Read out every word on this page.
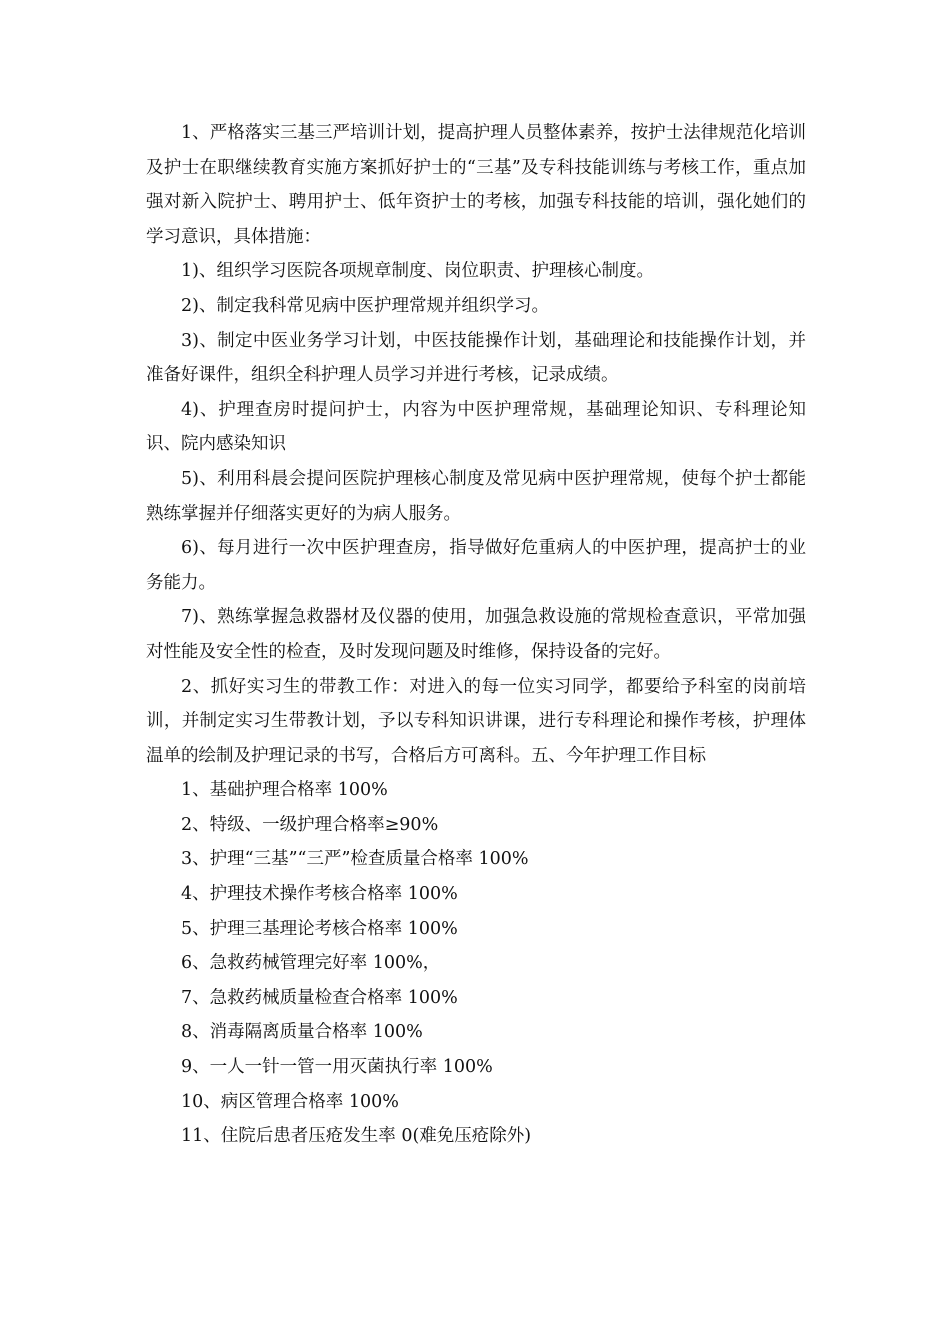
1、严格落实三基三严培训计划，提高护理人员整体素养，按护士法律规范化培训及护士在职继续教育实施方案抓好护士的“三基”及专科技能训练与考核工作，重点加强对新入院护士、聘用护士、低年资护士的考核，加强专科技能的培训，强化她们的学习意识，具体措施：

1)、组织学习医院各项规章制度、岗位职责、护理核心制度。

2)、制定我科常见病中医护理常规并组织学习。

3)、制定中医业务学习计划，中医技能操作计划，基础理论和技能操作计划，并准备好课件，组织全科护理人员学习并进行考核，记录成绩。

4)、护理查房时提问护士，内容为中医护理常规，基础理论知识、专科理论知识、院内感染知识

5)、利用科晨会提问医院护理核心制度及常见病中医护理常规，使每个护士都能熟练掌握并仔细落实更好的为病人服务。

6)、每月进行一次中医护理查房，指导做好危重病人的中医护理，提高护士的业务能力。

7)、熟练掌握急救器材及仪器的使用，加强急救设施的常规检查意识，平常加强对性能及安全性的检查，及时发现问题及时维修，保持设备的完好。

2、抓好实习生的带教工作：对进入的每一位实习同学，都要给予科室的岗前培训，并制定实习生带教计划，予以专科知识讲课，进行专科理论和操作考核，护理体温单的绘制及护理记录的书写，合格后方可离科。五、今年护理工作目标

1、基础护理合格率 100%
2、特级、一级护理合格率≥90%
3、护理“三基”“三严”检查质量合格率 100%
4、护理技术操作考核合格率 100%
5、护理三基理论考核合格率 100%
6、急救药械管理完好率 100%，
7、急救药械质量检查合格率 100%
8、消毒隔离质量合格率 100%
9、一人一针一管一用灭菌执行率 100%
10、病区管理合格率 100%
11、住院后患者压疮发生率 0(难免压疮除外)
